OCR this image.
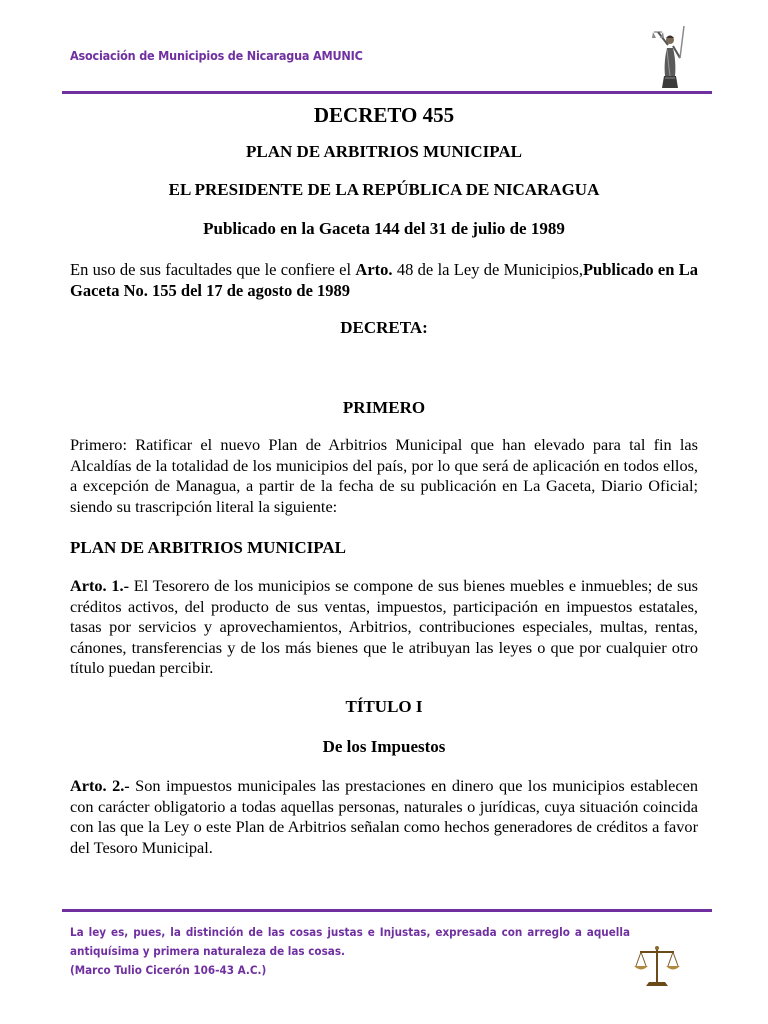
Asociación de Municipios de Nicaragua AMUNIC
DECRETO 455
PLAN DE ARBITRIOS MUNICIPAL
EL PRESIDENTE DE LA REPÚBLICA DE NICARAGUA
Publicado en la Gaceta 144 del 31 de julio de 1989

En uso de sus facultades que le confiere el Arto. 48 de la Ley de Municipios,Publicado en La Gaceta No. 155 del 17 de agosto de 1989

DECRETA:
PRIMERO

Primero: Ratificar el nuevo Plan de Arbitrios Municipal que han elevado para tal fin las Alcaldías de la totalidad de los municipios del país, por lo que será de aplicación en todos ellos, a excepción de Managua, a partir de la fecha de su publicación en La Gaceta, Diario Oficial; siendo su trascripción literal la siguiente:

PLAN DE ARBITRIOS MUNICIPAL

Arto. 1.- El Tesorero de los municipios se compone de sus bienes muebles e inmuebles; de sus créditos activos, del producto de sus ventas, impuestos, participación en impuestos estatales, tasas por servicios y aprovechamientos, Arbitrios, contribuciones especiales, multas, rentas, cánones, transferencias y de los más bienes que le atribuyan las leyes o que por cualquier otro título puedan percibir.

TÍTULO I
De los Impuestos

Arto. 2.- Son impuestos municipales las prestaciones en dinero que los municipios establecen con carácter obligatorio a todas aquellas personas, naturales o jurídicas, cuya situación coincida con las que la Ley o este Plan de Arbitrios señalan como hechos generadores de créditos a favor del Tesoro Municipal.

La ley es, pues, la distinción de las cosas justas e Injustas, expresada con arreglo a aquella antiquísima y primera naturaleza de las cosas.
(Marco Tulio Cicerón 106-43 A.C.)
